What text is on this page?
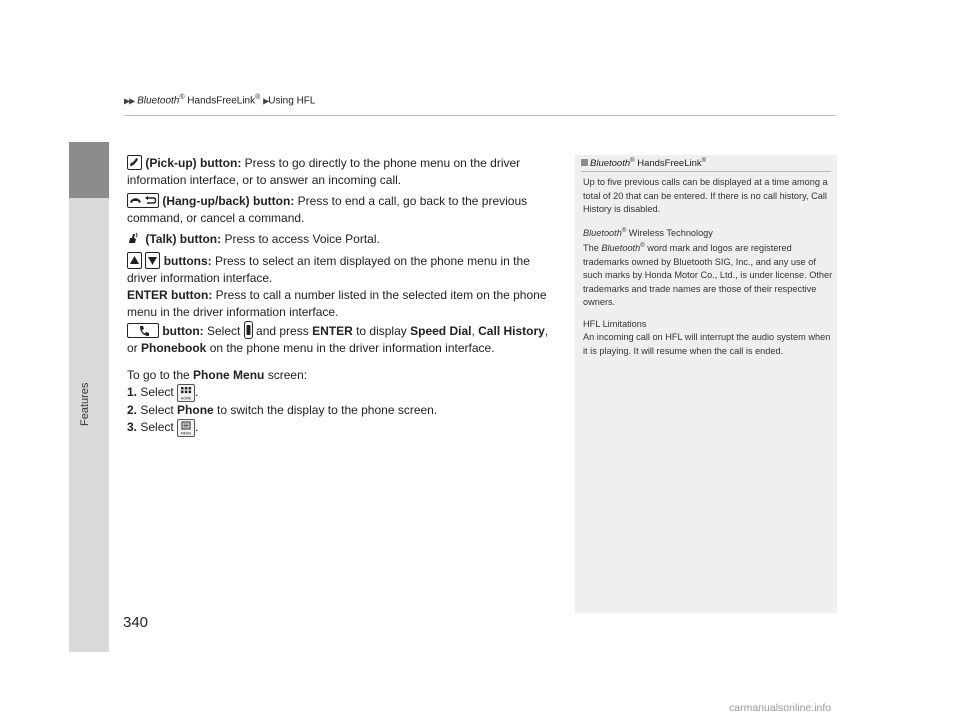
Features
▶▶ Bluetooth® HandsFreeLink® ▶Using HFL

(Pick-up) button: Press to go directly to the phone menu on the driver information interface, or to answer an incoming call.

(Hang-up/back) button: Press to end a call, go back to the previous command, or cancel a command.

(Talk) button: Press to access Voice Portal.

buttons: Press to select an item displayed on the phone menu in the driver information interface.

ENTER button: Press to call a number listed in the selected item on the phone menu in the driver information interface.

button: Select
and press ENTER to display Speed Dial, Call History, or Phonebook on the phone menu in the driver information interface.

To go to the Phone Menu screen:

1. Select HOME .

2. Select Phone to switch the display to the phone screen.

3. Select MENU .

Bluetooth® HandsFreeLink®

Up to five previous calls can be displayed at a time among a total of 20 that can be entered. If there is no call history, Call History is disabled.

Bluetooth® Wireless Technology

The Bluetooth® word mark and logos are registered trademarks owned by Bluetooth SIG, Inc., and any use of such marks by Honda Motor Co., Ltd., is under license. Other trademarks and trade names are those of their respective owners.

HFL Limitations

An incoming call on HFL will interrupt the audio system when it is playing. It will resume when the call is ended.

340
carmanualsonline.info
